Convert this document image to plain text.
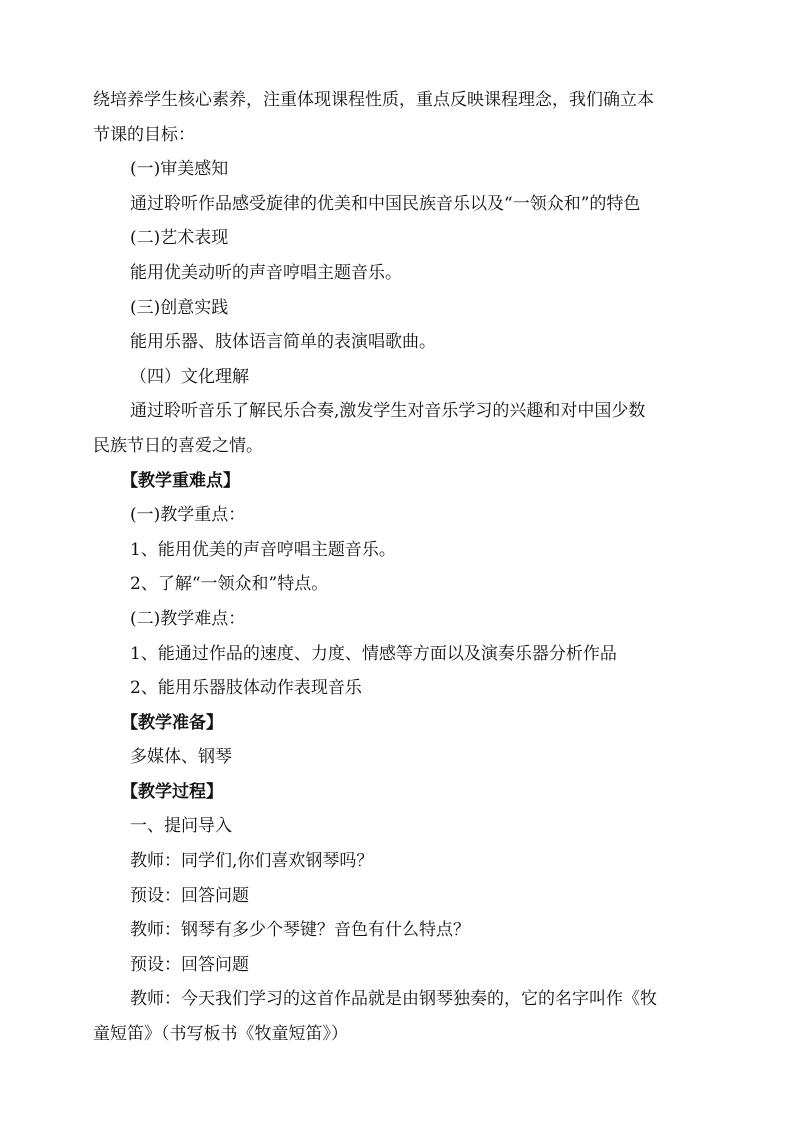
绕培养学生核心素养，注重体现课程性质，重点反映课程理念，我们确立本

节课的目标：

(一)审美感知

通过聆听作品感受旋律的优美和中国民族音乐以及“一领众和”的特色

(二)艺术表现

能用优美动听的声音哼唱主题音乐。

(三)创意实践

能用乐器、肢体语言简单的表演唱歌曲。

（四）文化理解

通过聆听音乐了解民乐合奏,激发学生对音乐学习的兴趣和对中国少数

民族节日的喜爱之情。

【教学重难点】

(一)教学重点：

1、能用优美的声音哼唱主题音乐。

2、了解“一领众和”特点。

(二)教学难点：

1、能通过作品的速度、力度、情感等方面以及演奏乐器分析作品

2、能用乐器肢体动作表现音乐

【教学准备】

多媒体、钢琴

【教学过程】

一、提问导入

教师：同学们,你们喜欢钢琴吗？

预设：回答问题

教师：钢琴有多少个琴键？音色有什么特点？

预设：回答问题

教师：今天我们学习的这首作品就是由钢琴独奏的，它的名字叫作《牧

童短笛》（书写板书《牧童短笛》）
